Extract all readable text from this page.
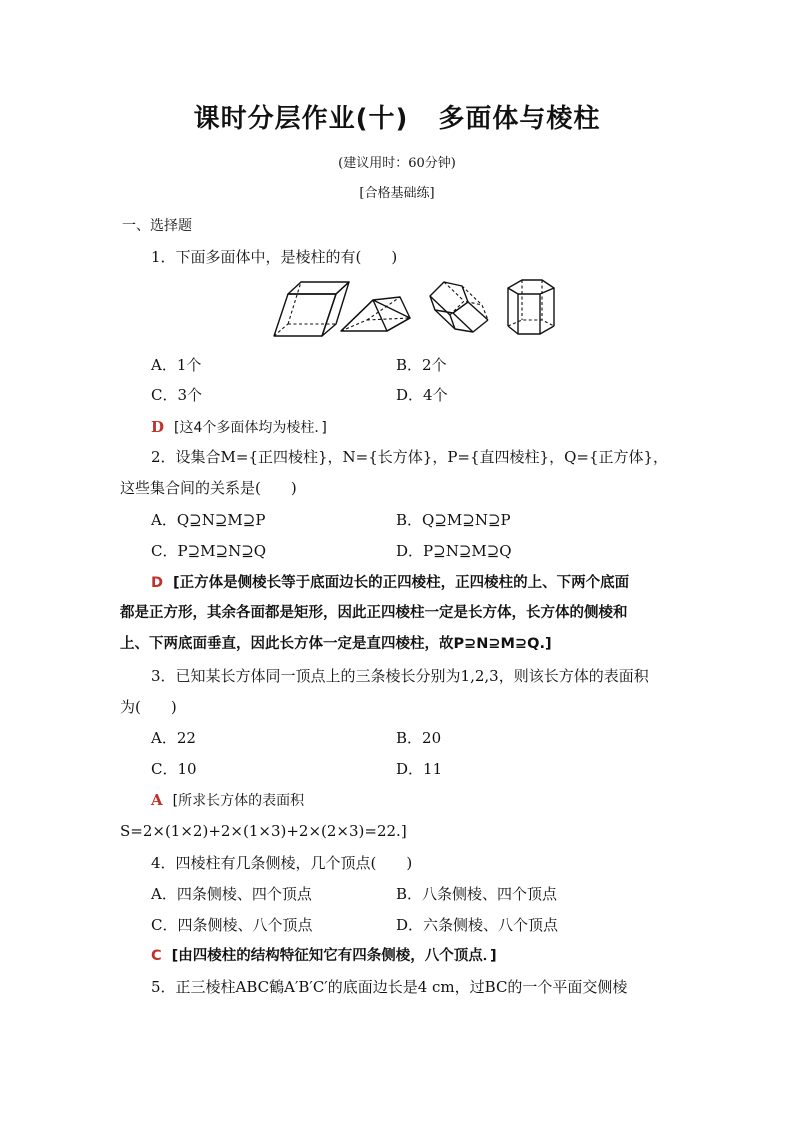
课时分层作业(十) 多面体与棱柱
(建议用时：60分钟)
[合格基础练]
一、选择题
1．下面多面体中，是棱柱的有(　　)
A．1个	B．2个
C．3个	D．4个
D [这4个多面体均为棱柱．]
2．设集合M={正四棱柱}，N={长方体}，P={直四棱柱}，Q={正方体}，
这些集合间的关系是(　　)
A．Q⊇N⊇M⊇P	B．Q⊇M⊇N⊇P
C．P⊇M⊇N⊇Q	D．P⊇N⊇M⊇Q
D [正方体是侧棱长等于底面边长的正四棱柱，正四棱柱的上、下两个底面
都是正方形，其余各面都是矩形，因此正四棱柱一定是长方体，长方体的侧棱和
上、下两底面垂直，因此长方体一定是直四棱柱，故P⊇N⊇M⊇Q.]
3．已知某长方体同一顶点上的三条棱长分别为1,2,3，则该长方体的表面积
为(　　)
A．22	B．20
C．10	D．11
A [所求长方体的表面积
S=2×(1×2)+2×(1×3)+2×(2×3)=22.]
4．四棱柱有几条侧棱，几个顶点(　　)
A．四条侧棱、四个顶点	B．八条侧棱、四个顶点
C．四条侧棱、八个顶点	D．六条侧棱、八个顶点
C [由四棱柱的结构特征知它有四条侧棱，八个顶点．]
5．正三棱柱ABC鶴A′B′C′的底面边长是4 cm，过BC的一个平面交侧棱
